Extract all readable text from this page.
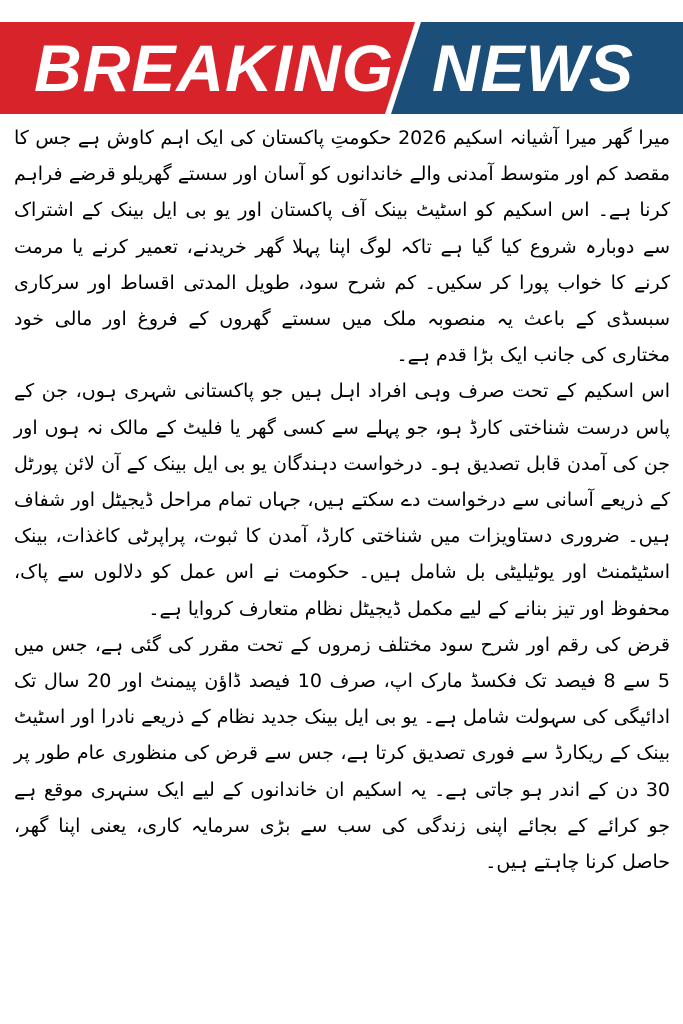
BREAKING NEWS

میرا گھر میرا آشیانہ اسکیم 2026 حکومتِ پاکستان کی ایک اہم کاوش ہے جس کا مقصد کم اور متوسط آمدنی والے خاندانوں کو آسان اور سستے گھریلو قرضے فراہم کرنا ہے۔ اس اسکیم کو اسٹیٹ بینک آف پاکستان اور یو بی ایل بینک کے اشتراک سے دوبارہ شروع کیا گیا ہے تاکہ لوگ اپنا پہلا گھر خریدنے، تعمیر کرنے یا مرمت کرنے کا خواب پورا کر سکیں۔ کم شرح سود، طویل المدتی اقساط اور سرکاری سبسڈی کے باعث یہ منصوبہ ملک میں سستے گھروں کے فروغ اور مالی خود مختاری کی جانب ایک بڑا قدم ہے۔

اس اسکیم کے تحت صرف وہی افراد اہل ہیں جو پاکستانی شہری ہوں، جن کے پاس درست شناختی کارڈ ہو، جو پہلے سے کسی گھر یا فلیٹ کے مالک نہ ہوں اور جن کی آمدن قابل تصدیق ہو۔ درخواست دہندگان یو بی ایل بینک کے آن لائن پورٹل کے ذریعے آسانی سے درخواست دے سکتے ہیں، جہاں تمام مراحل ڈیجیٹل اور شفاف ہیں۔ ضروری دستاویزات میں شناختی کارڈ، آمدن کا ثبوت، پراپرٹی کاغذات، بینک اسٹیٹمنٹ اور یوٹیلیٹی بل شامل ہیں۔ حکومت نے اس عمل کو دلالوں سے پاک، محفوظ اور تیز بنانے کے لیے مکمل ڈیجیٹل نظام متعارف کروایا ہے۔

قرض کی رقم اور شرح سود مختلف زمروں کے تحت مقرر کی گئی ہے، جس میں 5 سے 8 فیصد تک فکسڈ مارک اپ، صرف 10 فیصد ڈاؤن پیمنٹ اور 20 سال تک ادائیگی کی سہولت شامل ہے۔ یو بی ایل بینک جدید نظام کے ذریعے نادرا اور اسٹیٹ بینک کے ریکارڈ سے فوری تصدیق کرتا ہے، جس سے قرض کی منظوری عام طور پر 30 دن کے اندر ہو جاتی ہے۔ یہ اسکیم ان خاندانوں کے لیے ایک سنہری موقع ہے جو کرائے کے بجائے اپنی زندگی کی سب سے بڑی سرمایہ کاری، یعنی اپنا گھر، حاصل کرنا چاہتے ہیں۔
